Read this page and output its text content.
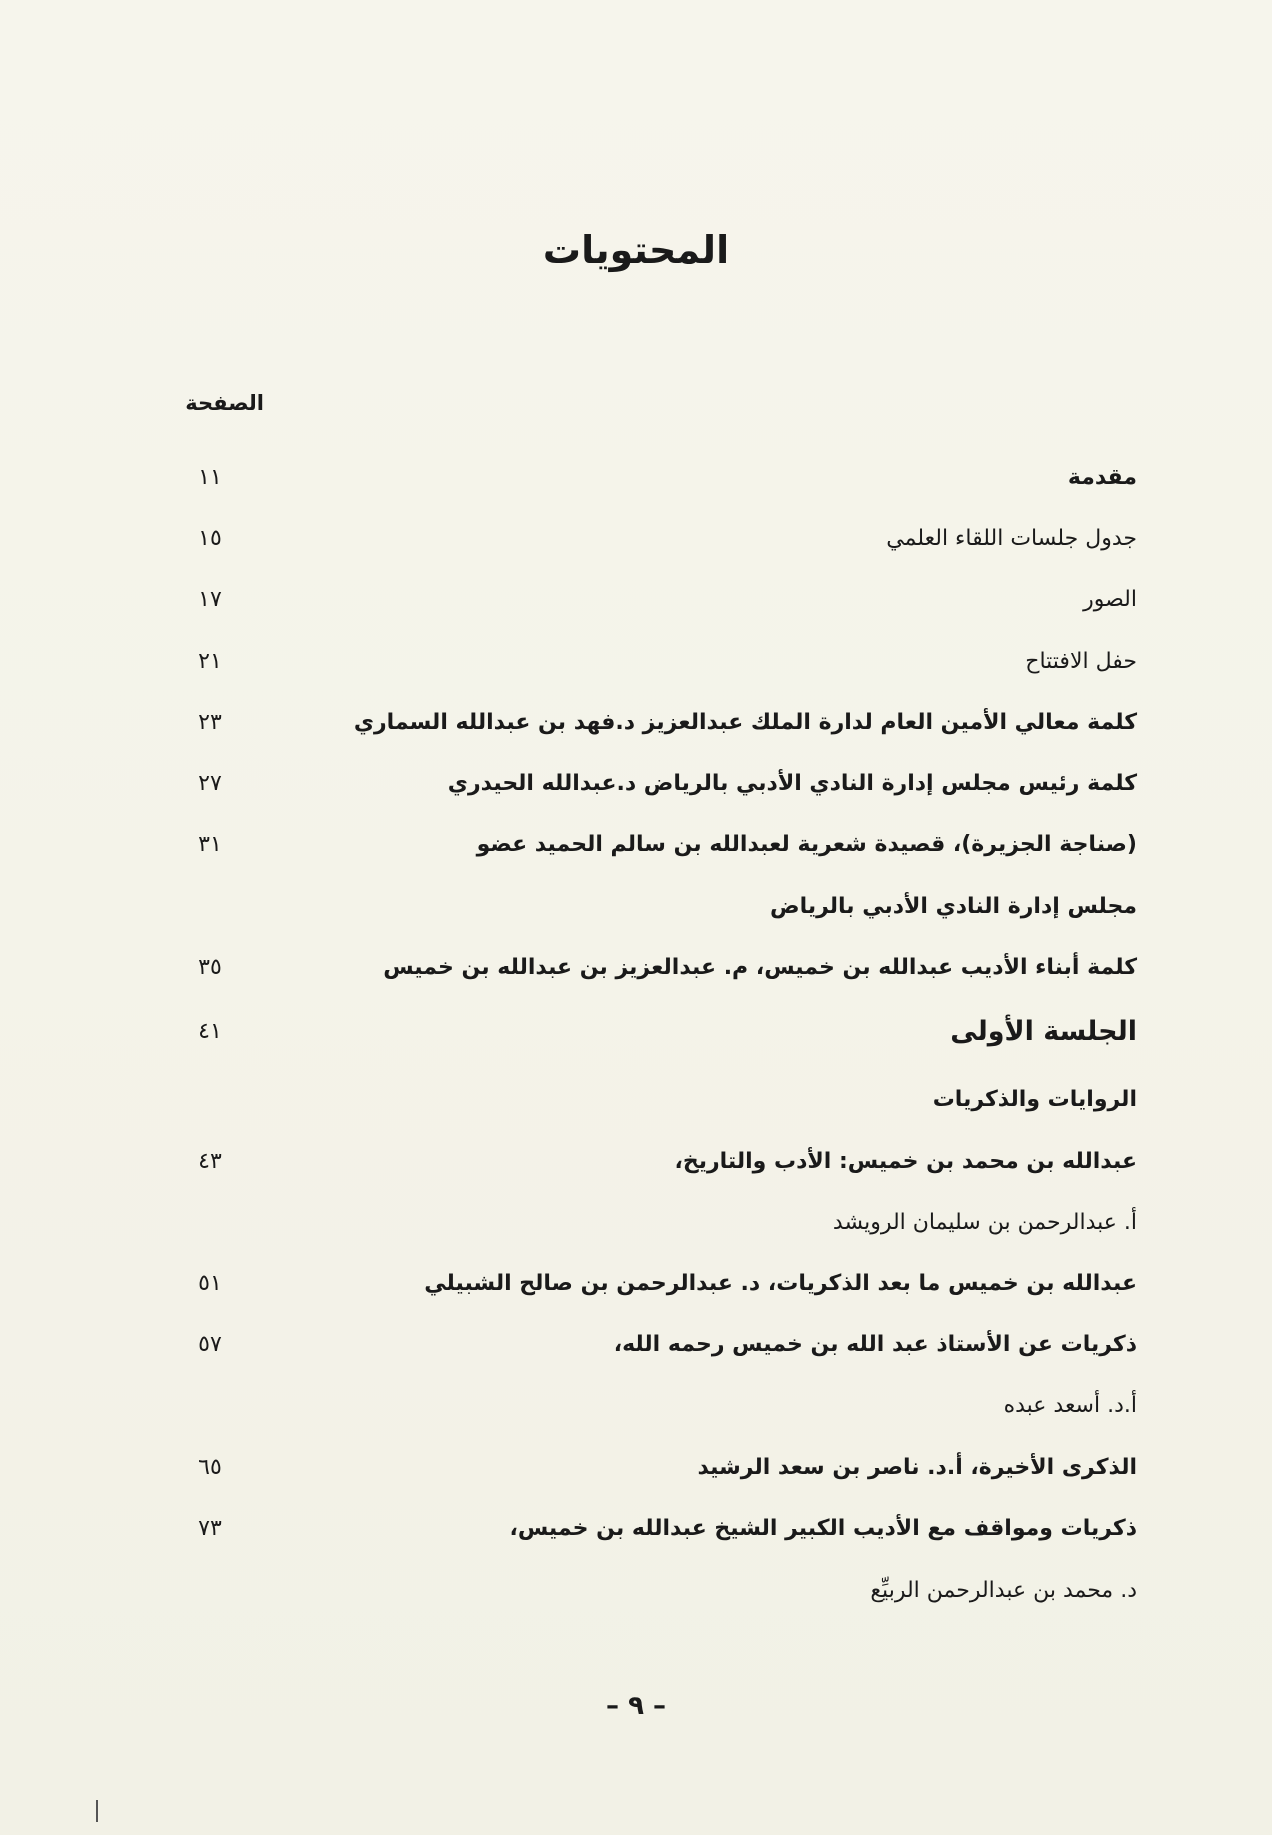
المحتويات
الصفحة
مقدمة
١١
جدول جلسات اللقاء العلمي
١٥
الصور
١٧
حفل الافتتاح
٢١
كلمة معالي الأمين العام لدارة الملك عبدالعزيز د.فهد بن عبدالله السماري
٢٣
كلمة رئيس مجلس إدارة النادي الأدبي بالرياض د.عبدالله الحيدري
٢٧
(صناجة الجزيرة)، قصيدة شعرية لعبدالله بن سالم الحميد عضو
٣١
مجلس إدارة النادي الأدبي بالرياض
كلمة أبناء الأديب عبدالله بن خميس، م. عبدالعزيز بن عبدالله بن خميس
٣٥
الجلسة الأولى
٤١
الروايات والذكريات
عبدالله بن محمد بن خميس: الأدب والتاريخ،
٤٣
أ. عبدالرحمن بن سليمان الرويشد
عبدالله بن خميس ما بعد الذكريات، د. عبدالرحمن بن صالح الشبيلي
٥١
ذكريات عن الأستاذ عبد الله بن خميس رحمه الله،
٥٧
أ.د. أسعد عبده
الذكرى الأخيرة، أ.د. ناصر بن سعد الرشيد
٦٥
ذكريات ومواقف مع الأديب الكبير الشيخ عبدالله بن خميس،
٧٣
د. محمد بن عبدالرحمن الربيِّع
– ٩ –
